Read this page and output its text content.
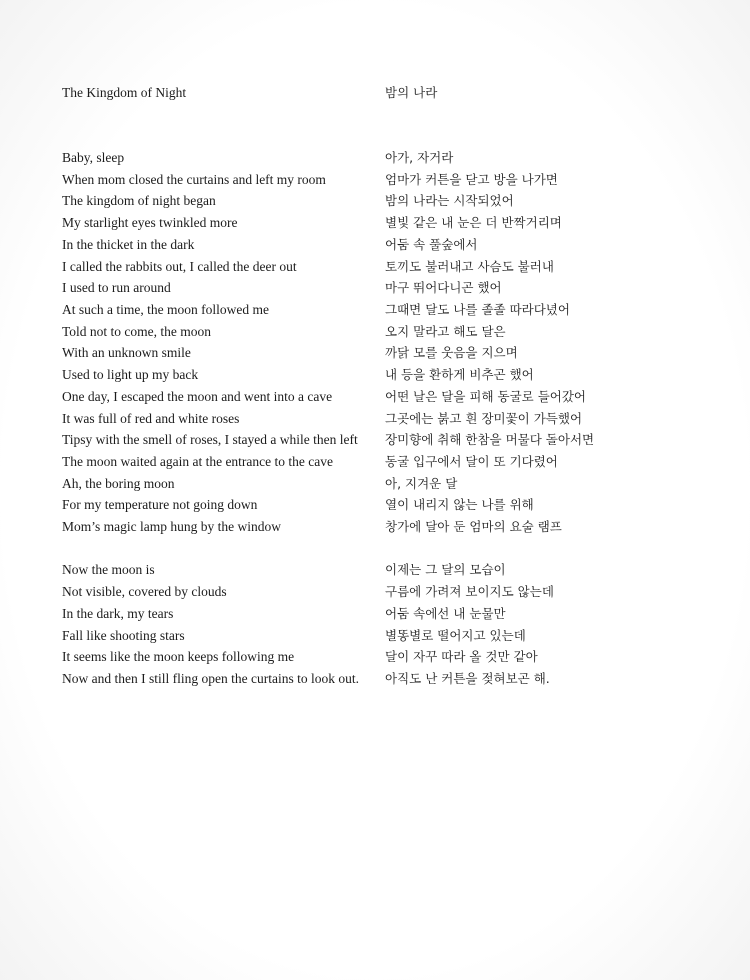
The Kingdom of Night
Baby, sleep
When mom closed the curtains and left my room
The kingdom of night began
My starlight eyes twinkled more
In the thicket in the dark
I called the rabbits out, I called the deer out
I used to run around
At such a time, the moon followed me
Told not to come, the moon
With an unknown smile
Used to light up my back
One day, I escaped the moon and went into a cave
It was full of red and white roses
Tipsy with the smell of roses, I stayed a while then left
The moon waited again at the entrance to the cave
Ah, the boring moon
For my temperature not going down
Mom’s magic lamp hung by the window
Now the moon is
Not visible, covered by clouds
In the dark, my tears
Fall like shooting stars
It seems like the moon keeps following me
Now and then I still fling open the curtains to look out.
밤의 나라
아가, 자거라
엄마가 커튼을 닫고 방을 나가면
밤의 나라는 시작되었어
별빛 같은 내 눈은 더 반짝거리며
어둠 속 풀숲에서
토끼도 불러내고 사슴도 불러내
마구 뛰어다니곤 했어
그때면 달도 나를 졸졸 따라다녔어
오지 말라고 해도 달은
까닭 모를 웃음을 지으며
내 등을 환하게 비추곤 했어
어떤 날은 달을 피해 동굴로 들어갔어
그곳에는 붉고 흰 장미꽃이 가득했어
장미향에 취해 한참을 머물다 돌아서면
동굴 입구에서 달이 또 기다렸어
아, 지겨운 달
열이 내리지 않는 나를 위해
창가에 달아 둔 엄마의 요술 램프
이제는 그 달의 모습이
구름에 가려져 보이지도 않는데
어둠 속에선 내 눈물만
별똥별로 떨어지고 있는데
달이 자꾸 따라 올 것만 같아
아직도 난 커튼을 젖혀보곤 해.
